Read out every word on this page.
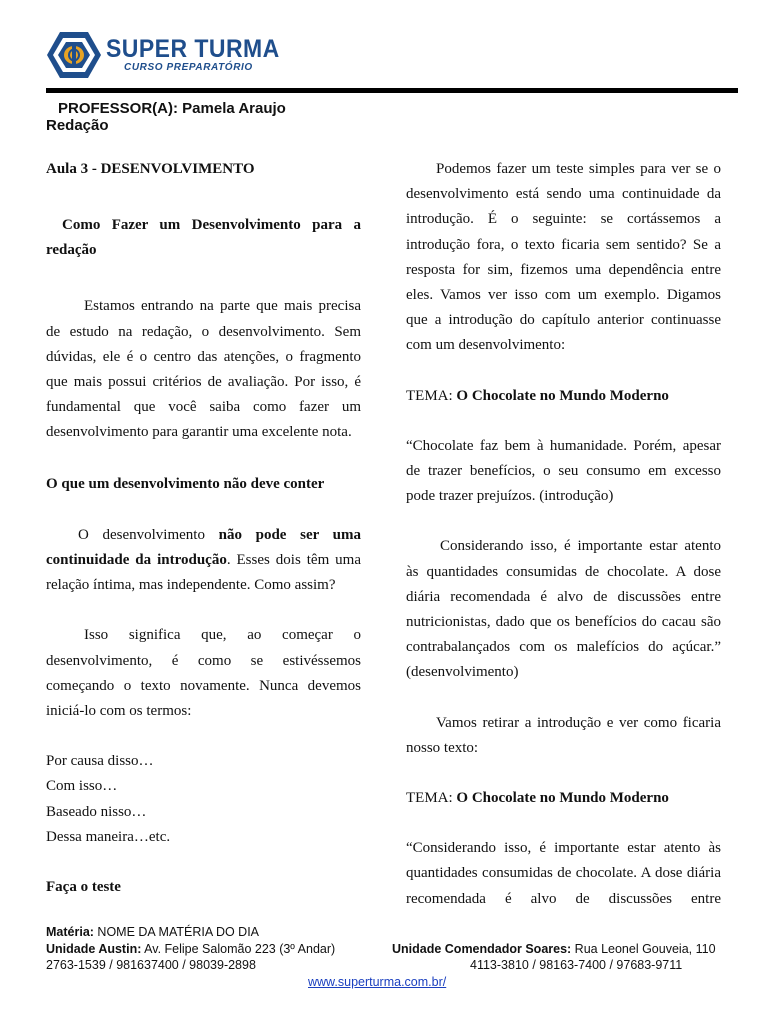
SUPER TURMA
CURSO PREPARATÓRIO
PROFESSOR(A): Pamela Araujo
Redação

Aula 3 - DESENVOLVIMENTO

Como Fazer um Desenvolvimento para a redação

Estamos entrando na parte que mais precisa de estudo na redação, o desenvolvimento. Sem dúvidas, ele é o centro das atenções, o fragmento que mais possui critérios de avaliação. Por isso, é fundamental que você saiba como fazer um desenvolvimento para garantir uma excelente nota.

O que um desenvolvimento não deve conter

O desenvolvimento não pode ser uma continuidade da introdução. Esses dois têm uma relação íntima, mas independente. Como assim?

Isso significa que, ao começar o desenvolvimento, é como se estivéssemos começando o texto novamente. Nunca devemos iniciá-lo com os termos:

Por causa disso…

Com isso…

Baseado nisso…

Dessa maneira…etc.

Faça o teste

Podemos fazer um teste simples para ver se o desenvolvimento está sendo uma continuidade da introdução. É o seguinte: se cortássemos a introdução fora, o texto ficaria sem sentido? Se a resposta for sim, fizemos uma dependência entre eles. Vamos ver isso com um exemplo. Digamos que a introdução do capítulo anterior continuasse com um desenvolvimento:

TEMA: O Chocolate no Mundo Moderno

“Chocolate faz bem à humanidade. Porém, apesar de trazer benefícios, o seu consumo em excesso pode trazer prejuízos. (introdução)

Considerando isso, é importante estar atento às quantidades consumidas de chocolate. A dose diária recomendada é alvo de discussões entre nutricionistas, dado que os benefícios do cacau são contrabalançados com os malefícios do açúcar.” (desenvolvimento)

Vamos retirar a introdução e ver como ficaria nosso texto:

TEMA: O Chocolate no Mundo Moderno

“Considerando isso, é importante estar atento às quantidades consumidas de chocolate. A dose diária recomendada é alvo de discussões entre

Matéria: NOME DA MATÉRIA DO DIA
Unidade Austin: Av. Felipe Salomão 223 (3º Andar)	Unidade Comendador Soares: Rua Leonel Gouveia, 110
2763-1539 / 981637400 / 98039-2898	4113-3810 / 98163-7400 / 97683-9711
www.superturma.com.br/
